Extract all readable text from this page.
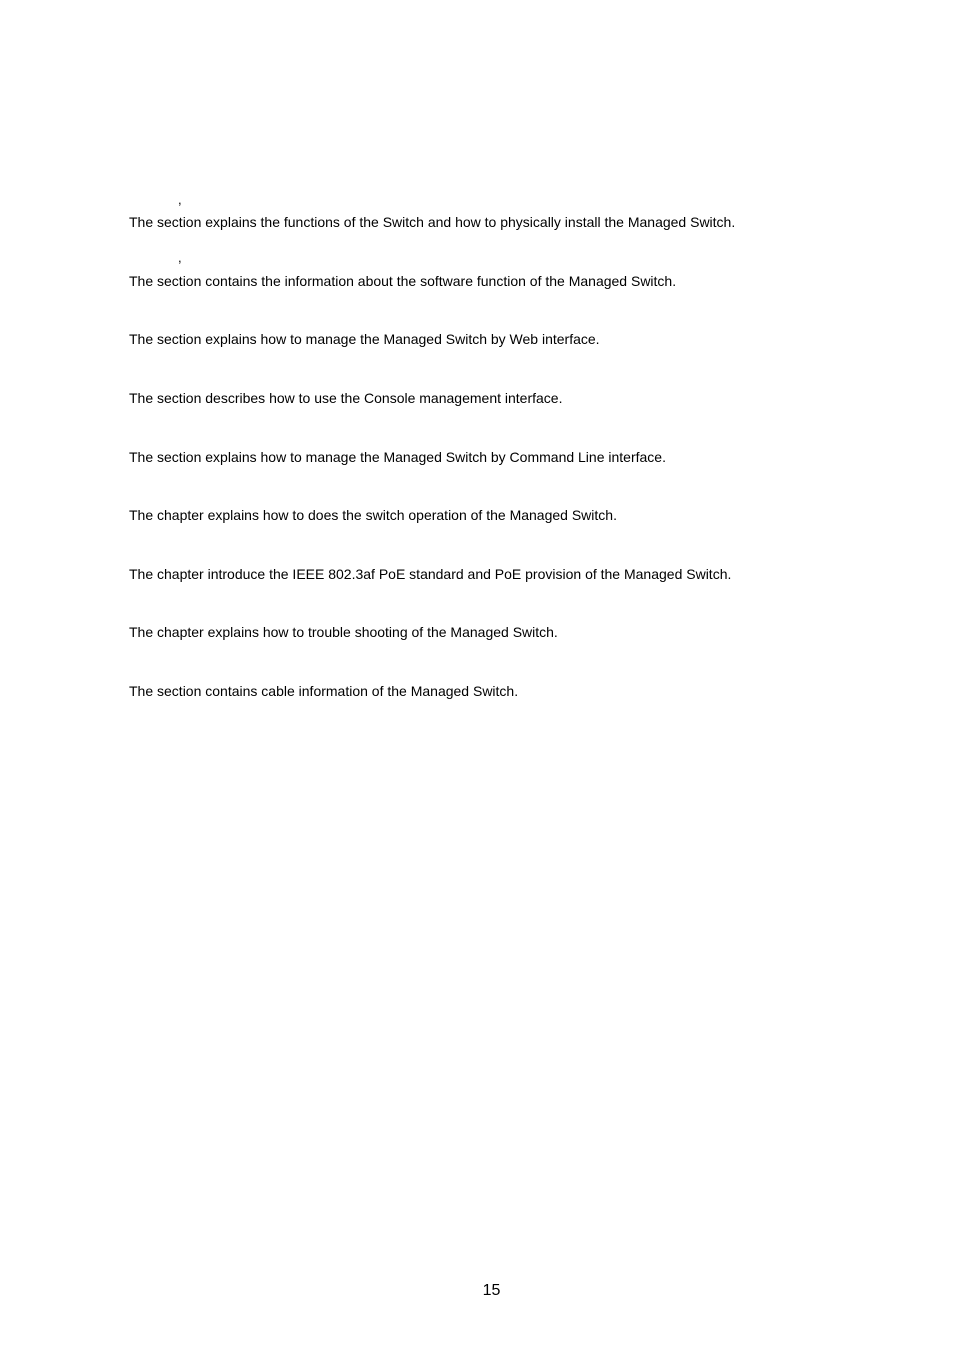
,
The section explains the functions of the Switch and how to physically install the Managed Switch.
,
The section contains the information about the software function of the Managed Switch.
The section explains how to manage the Managed Switch by Web interface.
The section describes how to use the Console management interface.
The section explains how to manage the Managed Switch by Command Line interface.
The chapter explains how to does the switch operation of the Managed Switch.
The chapter introduce the IEEE 802.3af PoE standard and PoE provision of the Managed Switch.
The chapter explains how to trouble shooting of the Managed Switch.
The section contains cable information of the Managed Switch.
15
